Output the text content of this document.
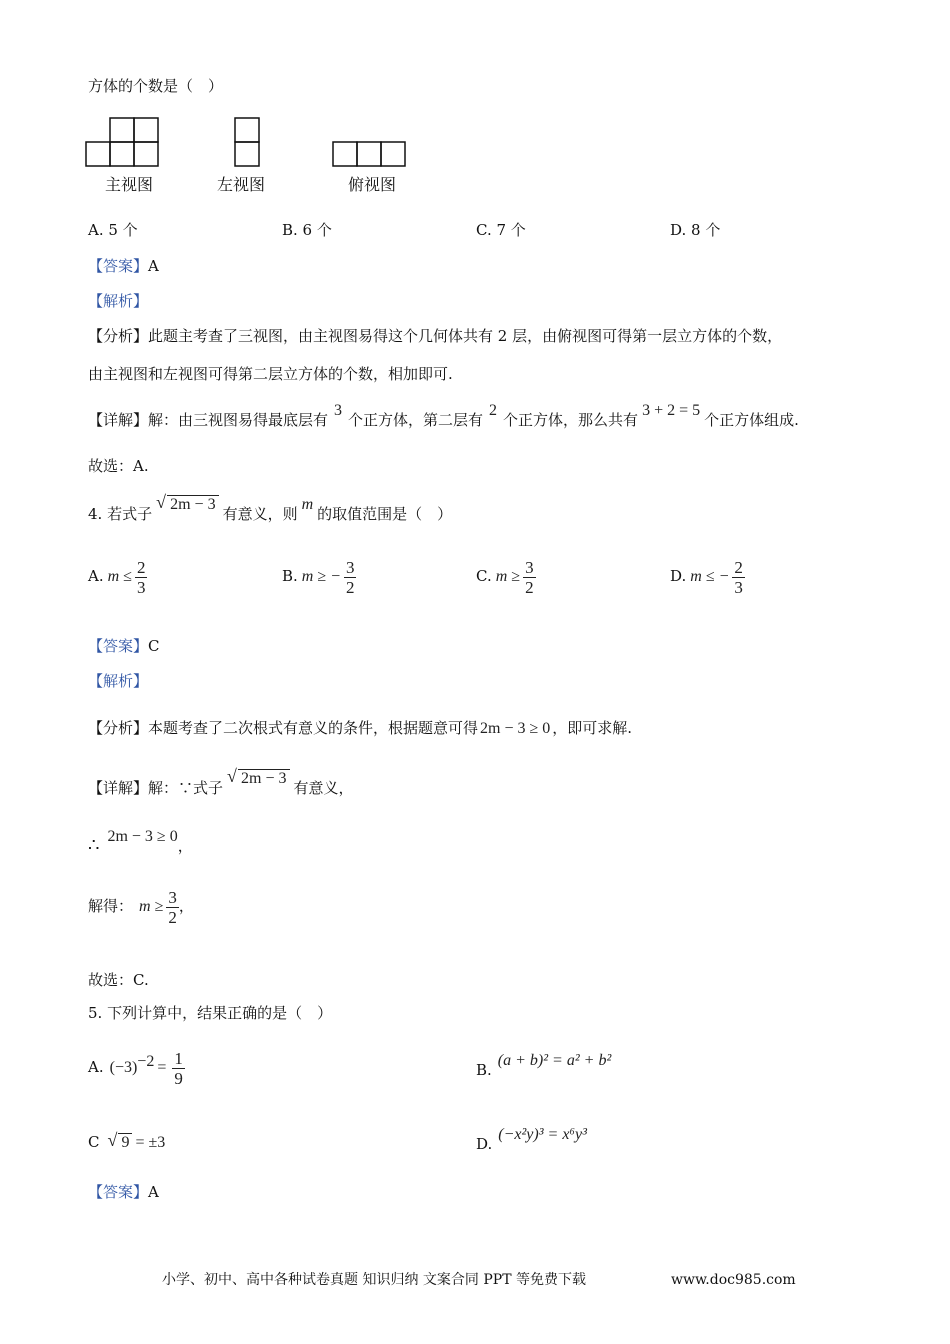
方体的个数是（　）
主视图	左视图	俯视图
A. 5 个	B. 6 个	C. 7 个	D. 8 个
【答案】A
【解析】
【分析】此题主考查了三视图，由主视图易得这个几何体共有 2 层，由俯视图可得第一层立方体的个数，
由主视图和左视图可得第二层立方体的个数，相加即可.
【详解】解：由三视图易得最底层有3个正方体，第二层有2个正方体，那么共有3 + 2 = 5个正方体组成.
故选：A.
4. 若式子
√ 2m − 3有意义，则m的取值范围是（　）
A. $m \le \frac{2}{3}$	B. m ≥ − $\frac{3}{2}$	C. $m \ge \frac{3}{2}$	D. m ≤ − $\frac{2}{3}$
【答案】C
【解析】
【分析】本题考查了二次根式有意义的条件，根据题意可得 2m − 3 ≥ 0 ，即可求解.
【详解】解：∵式子
√ 2m − 3有意义，
∴ 2m − 3 ≥ 0，
解得： $m \ge \frac{3}{2}$ ，
故选：C.
5. 下列计算中，结果正确的是（　）
A. $(-3)^{-2} = \frac{1}{9}$	B.(a + b)² = a² + b²
C √ 9 = ±3	D.(−x²y)³ = x⁶y³
【答案】A
小学、初中、高中各种试卷真题 知识归纳 文案合同 PPT 等免费下载	www.doc985.com
